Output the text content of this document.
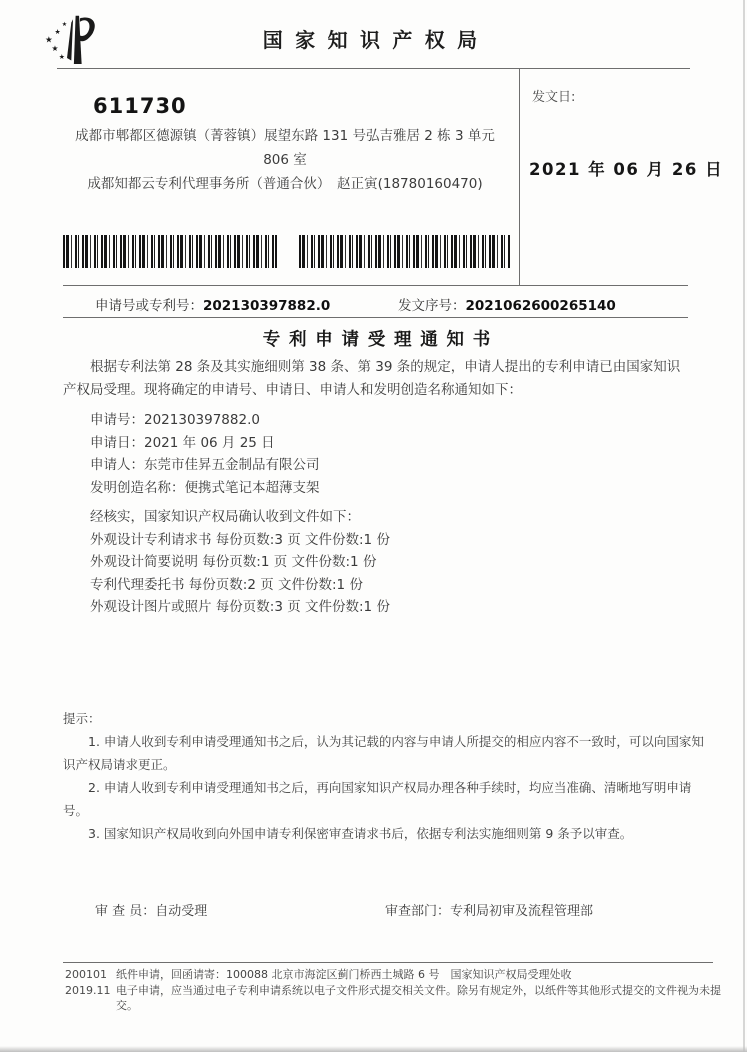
★
★
★
★
★
国家知识产权局
611730
成都市郫都区德源镇（菁蓉镇）展望东路 131 号弘吉雅居 2 栋 3 单元
806 室
成都知都云专利代理事务所（普通合伙）　赵正寅(18780160470)
发文日:
2021 年 06 月 26 日
申请号或专利号：202130397882.0	发文序号：2021062600265140
专利申请受理通知书

根据专利法第 28 条及其实施细则第 38 条、第 39 条的规定，申请人提出的专利申请已由国家知识产权局受理。现将确定的申请号、申请日、申请人和发明创造名称通知如下：

申请号：202130397882.0

申请日：2021 年 06 月 25 日

申请人：东莞市佳昇五金制品有限公司

发明创造名称：便携式笔记本超薄支架

经核实，国家知识产权局确认收到文件如下：

外观设计专利请求书 每份页数:3 页 文件份数:1 份

外观设计简要说明 每份页数:1 页 文件份数:1 份

专利代理委托书 每份页数:2 页 文件份数:1 份

外观设计图片或照片 每份页数:3 页 文件份数:1 份

提示：

1. 申请人收到专利申请受理通知书之后，认为其记载的内容与申请人所提交的相应内容不一致时，可以向国家知识产权局请求更正。

2. 申请人收到专利申请受理通知书之后，再向国家知识产权局办理各种手续时，均应当准确、清晰地写明申请号。

3. 国家知识产权局收到向外国申请专利保密审查请求书后，依据专利法实施细则第 9 条予以审查。

审 查 员：自动受理	审查部门：专利局初审及流程管理部
200101
2019.11
纸件申请，回函请寄：100088 北京市海淀区蓟门桥西土城路 6 号　国家知识产权局受理处收
电子申请，应当通过电子专利申请系统以电子文件形式提交相关文件。除另有规定外，以纸件等其他形式提交的文件视为未提交。
